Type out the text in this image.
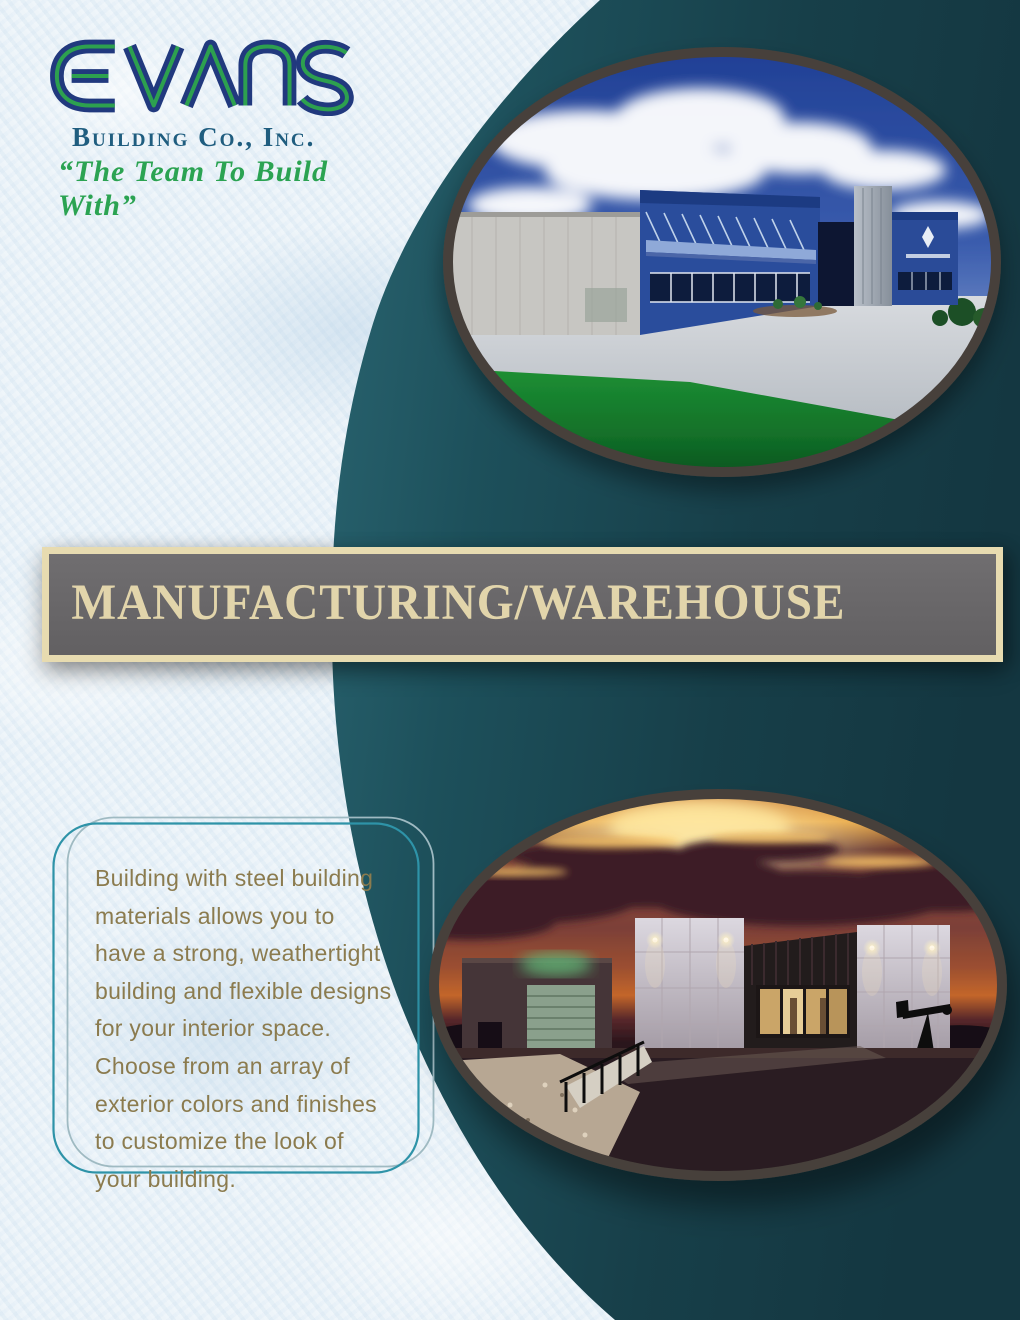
Building Co., Inc.
“The Team To Build With”
MANUFACTURING/WAREHOUSE
Building with steel building
materials allows you to
have a strong, weathertight
building and flexible designs
for your interior space.
Choose from an array of
exterior colors and finishes
to customize the look of
your building.
